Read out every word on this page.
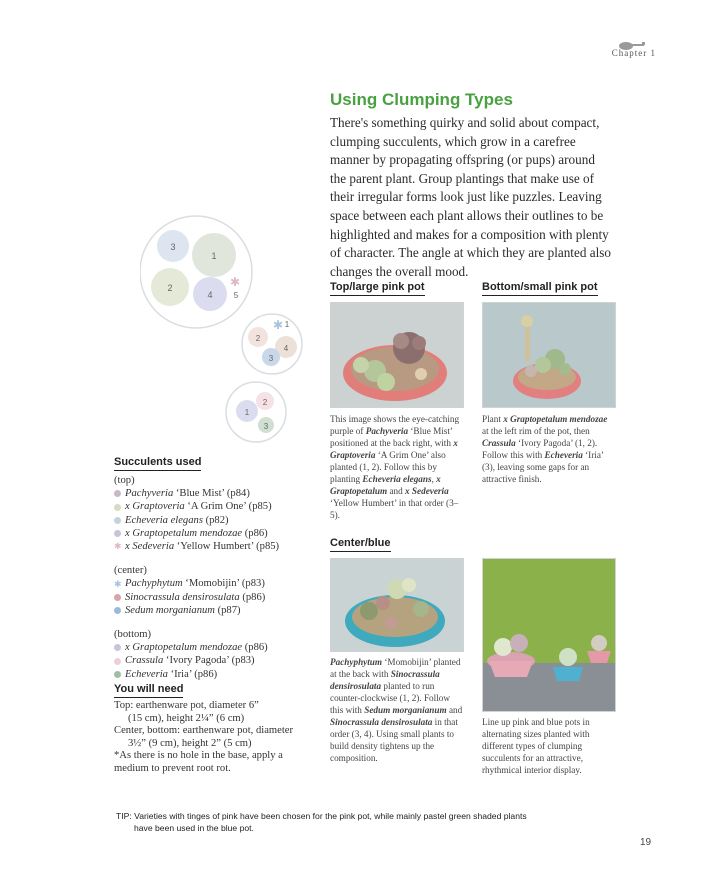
Chapter 1
Using Clumping Types
There's something quirky and solid about compact, clumping succulents, which grow in a carefree manner by propagating offspring (or pups) around the parent plant. Group plantings that make use of their irregular forms look just like puzzles. Leaving space between each plant allows their outlines to be highlighted and makes for a composition with plenty of character. The angle at which they are planted also changes the overall mood.
3
1
2
4
✱
5
✱
2
1
4
3
2
1
3
Top/large pink pot	Bottom/small pink pot
This image shows the eye-catching purple of Pachyveria ‘Blue Mist’ positioned at the back right, with x Graptoveria ‘A Grim One’ also planted (1, 2). Follow this by planting Echeveria elegans, x Graptopetalum and x Sedeveria ‘Yellow Humbert’ in that order (3–5).
Plant x Graptopetalum mendozae at the left rim of the pot, then Crassula ‘Ivory Pagoda’ (1, 2). Follow this with Echeveria ‘Iria’ (3), leaving some gaps for an attractive finish.
Center/blue
Pachyphytum ‘Momobijin’ planted at the back with Sinocrassula densirosulata planted to run counter-clockwise (1, 2). Follow this with Sedum morganianum and Sinocrassula densirosulata in that order (3, 4). Using small plants to build density tightens up the composition.
Line up pink and blue pots in alternating sizes planted with different types of clumping succulents for an attractive, rhythmical interior display.
Succulents used
(top)
Pachyveria ‘Blue Mist’ (p84)
x Graptoveria ‘A Grim One’ (p85)
Echeveria elegans (p82)
x Graptopetalum mendozae (p86)
✱ x Sedeveria ‘Yellow Humbert’ (p85)
(center)
✱ Pachyphytum ‘Momobijin’ (p83)
Sinocrassula densirosulata (p86)
Sedum morganianum (p87)
(bottom)
x Graptopetalum mendozae (p86)
Crassula ‘Ivory Pagoda’ (p83)
Echeveria ‘Iria’ (p86)
You will need
Top: earthenware pot, diameter 6”
(15 cm), height 2¼” (6 cm)
Center, bottom: earthenware pot, diameter
3½” (9 cm), height 2” (5 cm)
*As there is no hole in the base, apply a
medium to prevent root rot.
TIP: Varieties with tinges of pink have been chosen for the pink pot, while mainly pastel green shaded plants
have been used in the blue pot.
19
